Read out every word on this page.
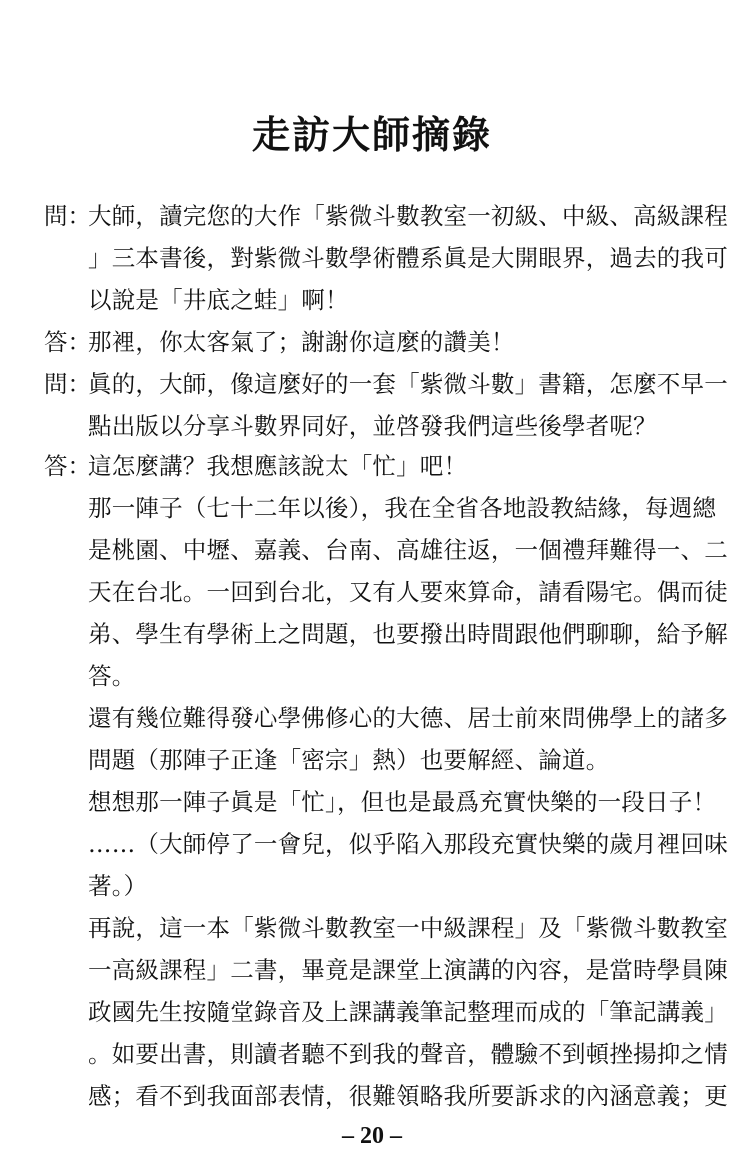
走訪大師摘錄
問：
大師，讀完您的大作「紫微斗數教室一初級、中級、高級課程
」三本書後，對紫微斗數學術體系眞是大開眼界，過去的我可
以說是「井底之蛙」啊！
答：
那裡，你太客氣了；謝謝你這麼的讚美！
問：
眞的，大師，像這麼好的一套「紫微斗數」書籍，怎麼不早一
點出版以分享斗數界同好，並啓發我們這些後學者呢？
答：
這怎麼講？我想應該說太「忙」吧！
那一陣子（七十二年以後），我在全省各地設教結緣，每週總
是桃園、中壢、嘉義、台南、高雄往返，一個禮拜難得一、二
天在台北。一回到台北，又有人要來算命，請看陽宅。偶而徒
弟、學生有學術上之問題，也要撥出時間跟他們聊聊，給予解
答。
還有幾位難得發心學佛修心的大德、居士前來問佛學上的諸多
問題（那陣子正逢「密宗」熱）也要解經、論道。
想想那一陣子眞是「忙」，但也是最爲充實快樂的一段日子！
……（大師停了一會兒，似乎陷入那段充實快樂的歲月裡回味
著。）
再說，這一本「紫微斗數教室一中級課程」及「紫微斗數教室
一高級課程」二書，畢竟是課堂上演講的內容，是當時學員陳
政國先生按隨堂錄音及上課講義筆記整理而成的「筆記講義」
。如要出書，則讀者聽不到我的聲音，體驗不到頓挫揚抑之情
感；看不到我面部表情，很難領略我所要訴求的內涵意義；更
– 20 –
